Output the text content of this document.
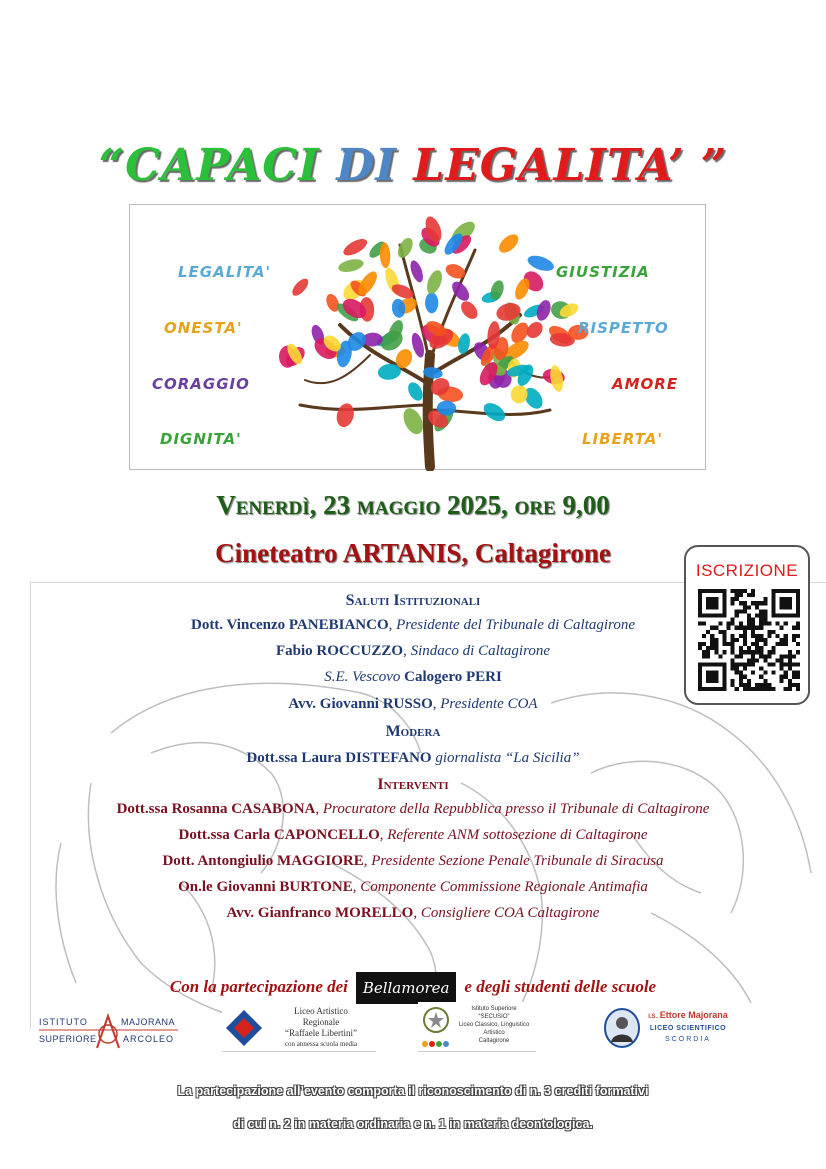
“CAPACI DI LEGALITA’ ”
LEGALITA'
ONESTA'
CORAGGIO
DIGNITA'
GIUSTIZIA
RISPETTO
AMORE
LIBERTA'
Venerdì, 23 maggio 2025, ore 9,00
Cineteatro ARTANIS, Caltagirone
Saluti Istituzionali
Dott. Vincenzo PANEBIANCO, Presidente del Tribunale di Caltagirone
Fabio ROCCUZZO, Sindaco di Caltagirone
S.E. Vescovo Calogero PERI
Avv. Giovanni RUSSO, Presidente COA
Modera
Dott.ssa Laura DISTEFANO giornalista “La Sicilia”
Interventi
Dott.ssa Rosanna CASABONA, Procuratore della Repubblica presso il Tribunale di Caltagirone
Dott.ssa Carla CAPONCELLO, Referente ANM sottosezione di Caltagirone
Dott. Antongiulio MAGGIORE, Presidente Sezione Penale Tribunale di Siracusa
On.le Giovanni BURTONE, Componente Commissione Regionale Antimafia
Avv. Gianfranco MORELLO, Consigliere COA Caltagirone
ISCRIZIONE
Con la partecipazione dei Bellamorea e degli studenti delle scuole
ISTITUTO	MAJORANA
SUPERIORE	ARCOLEO
Liceo Artistico
Regionale
“Raffaele Libertini”
con annessa scuola media
Istituto Superiore
“SECUSIO”
Liceo Classico, Linguistico
Artistico
Caltagirone
I.S. Ettore Majorana
LICEO SCIENTIFICO
SCORDIA
La partecipazione all’evento comporta il riconoscimento di n. 3 crediti formativi
di cui n. 2 in materia ordinaria e n. 1 in materia deontologica.
